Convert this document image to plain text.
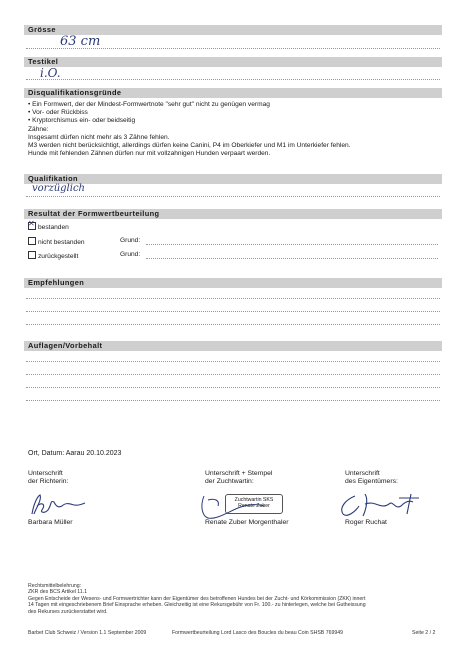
Grösse
63 cm
Testikel
i.O.
Disqualifikationsgründe
• Ein Formwert, der der Mindest-Formwertnote "sehr gut" nicht zu genügen vermag
• Vor- oder Rückbiss
• Kryptorchismus ein- oder beidseitig
Zähne:
Insgesamt dürfen nicht mehr als 3 Zähne fehlen.
M3 werden nicht berücksichtigt, allerdings dürfen keine Canini, P4 im Oberkiefer und M1 im Unterkiefer fehlen.
Hunde mit fehlenden Zähnen dürfen nur mit vollzahnigen Hunden verpaart werden.
Qualifikation
vorzüglich
Resultat der Formwertbeurteilung
✕bestanden
nicht bestanden	Grund:
zurückgestellt	Grund:
Empfehlungen
Auflagen/Vorbehalt
Ort, Datum: Aarau 20.10.2023
Unterschrift
der Richterin:
Barbara Müller
Unterschrift + Stempel
der Zuchtwartin:
Zuchtwartin SKS
Renate Zuber
Renate Zuber Morgenthaler
Unterschrift
des Eigentümers:
Roger Ruchat
Rechtsmittelbelehrung:
ZKR des BCS Artikel 11.1
Gegen Entscheide der Wesens- und Formwertrichter kann der Eigentümer des betroffenen Hundes bei der Zucht- und Körkommission (ZKK) innert
14 Tagen mit eingeschriebenem Brief Einsprache erheben. Gleichzeitig ist eine Rekursgebühr von Fr. 100.- zu hinterlegen, welche bei Gutheissung
des Rekurses zurückerstattet wird.
Barbet Club Schweiz / Version 1.1 September 2009	Formwertbeurteilung Lord Lasco des Boucles du beau Coin SHSB 769949	Seite 2 / 2
